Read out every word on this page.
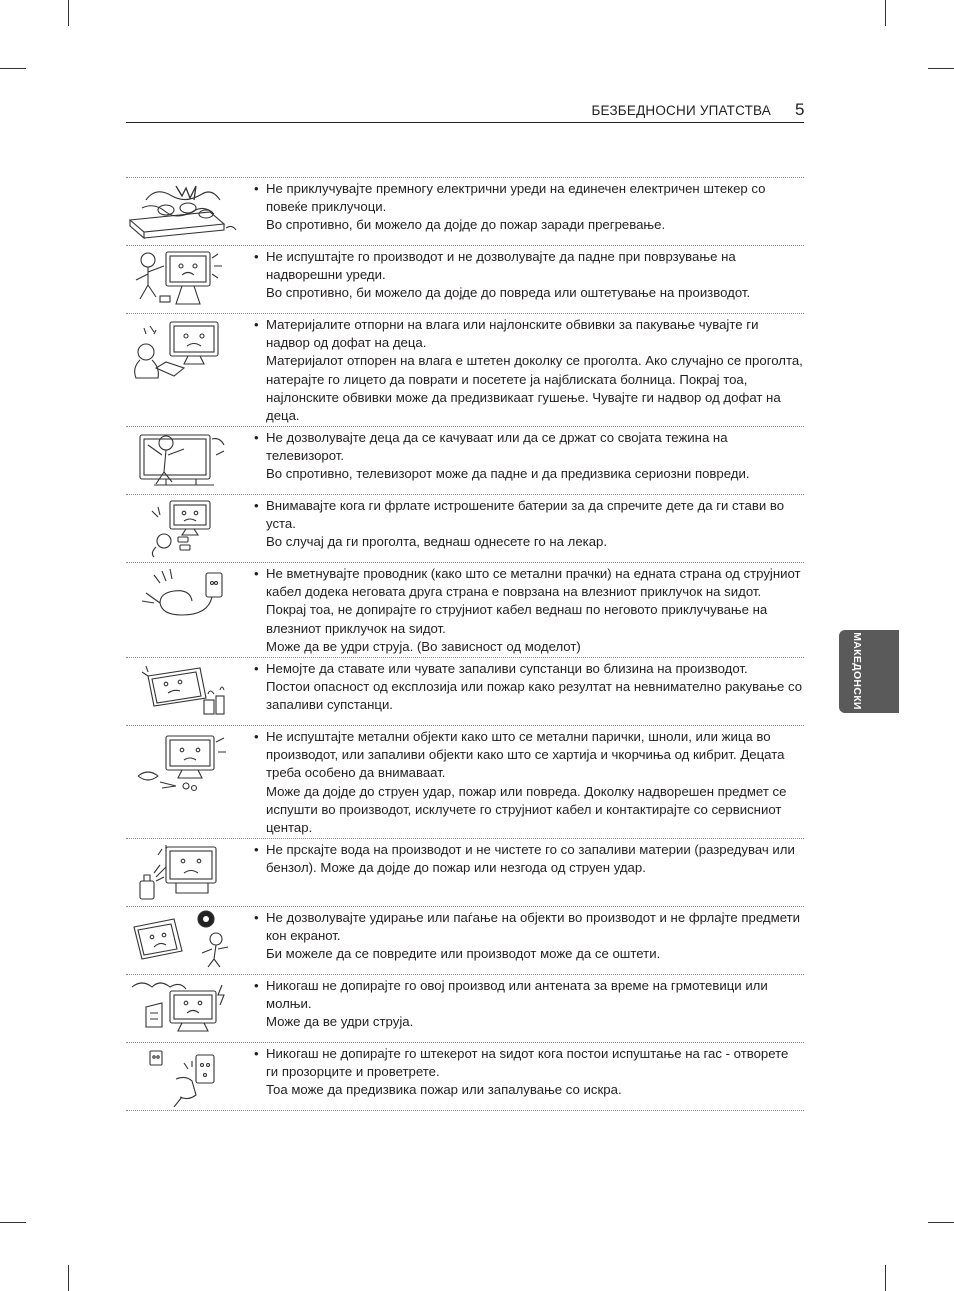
БЕЗБЕДНОСНИ УПАТСТВА 5
МАКЕДОНСКИ
• Не приклучувајте премногу електрични уреди на единечен електричен штекер со повеќе приклучоци.

Во спротивно, би можело да дојде до пожар заради прегревање.

• Не испуштајте го производот и не дозволувајте да падне при поврзување на надворешни уреди.

Во спротивно, би можело да дојде до повреда или оштетување на производот.

• Материјалите отпорни на влага или најлонските обвивки за пакување чувајте ги надвор од дофат на деца.

Материјалот отпорен на влага е штетен доколку се проголта. Ако случајно се проголта, натерајте го лицето да поврати и посетете ја најблиската болница. Покрај тоа, најлонските обвивки може да предизвикаат гушење. Чувајте ги надвор од дофат на деца.

• Не дозволувајте деца да се качуваат или да се држат со својата тежина на телевизорот.

Во спротивно, телевизорот може да падне и да предизвика сериозни повреди.

• Внимавајте кога ги фрлате истрошените батерии за да спречите дете да ги стави во уста.

Во случај да ги проголта, веднаш однесете го на лекар.

• Не вметнувајте проводник (како што се метални прачки) на едната страна од струјниот кабел додека неговата друга страна е поврзана на влезниот приклучок на ѕидот. Покрај тоа, не допирајте го струјниот кабел веднаш по неговото приклучување на влезниот приклучок на ѕидот.

Може да ве удри струја. (Во зависност од моделот)

• Немојте да ставате или чувате запаливи супстанци во близина на производот.

Постои опасност од експлозија или пожар како резултат на невнимателно ракување со запаливи супстанци.

• Не испуштајте метални објекти како што се метални парички, шноли, или жица во производот, или запаливи објекти како што се хартија и чкорчиња од кибрит. Децата треба особено да внимаваат.

Може да дојде до струен удар, пожар или повреда. Доколку надворешен предмет се испушти во производот, исклучете го струјниот кабел и контактирајте со сервисниот центар.

• Не прскајте вода на производот и не чистете го со запаливи материи (разредувач или бензол). Може да дојде до пожар или незгода од струен удар.

• Не дозволувајте удирање или паѓање на објекти во производот и не фрлајте предмети кон екранот.

Би можеле да се повредите или производот може да се оштети.

• Никогаш не допирајте го овој производ или антената за време на грмотевици или молњи.

Може да ве удри струја.

• Никогаш не допирајте го штекерот на ѕидот кога постои испуштање на гас - отворете ги прозорците и проветрете.

Тоа може да предизвика пожар или запалување со искра.
